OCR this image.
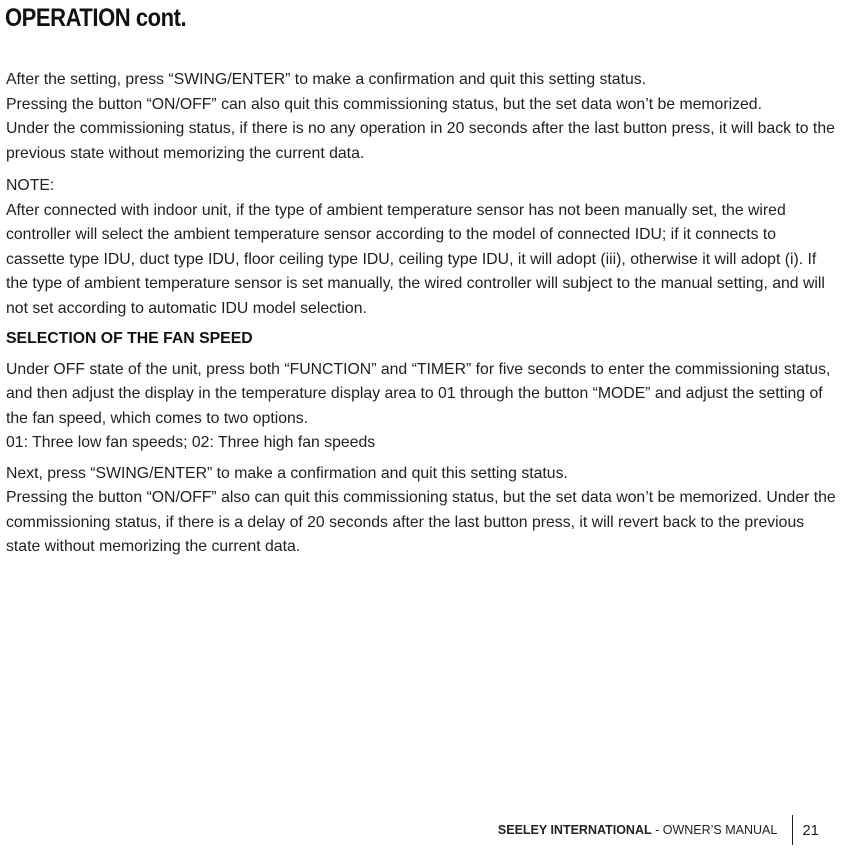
OPERATION cont.

After the setting, press “SWING/ENTER” to make a confirmation and quit this setting status.

Pressing the button “ON/OFF” can also quit this commissioning status, but the set data won’t be memorized.

Under the commissioning status, if there is no any operation in 20 seconds after the last button press, it will back to the previous state without memorizing the current data.

NOTE:

After connected with indoor unit, if the type of ambient temperature sensor has not been manually set, the wired controller will select the ambient temperature sensor according to the model of connected IDU; if it connects to cassette type IDU, duct type IDU, floor ceiling type IDU, ceiling type IDU, it will adopt (iii), otherwise it will adopt (i). If the type of ambient temperature sensor is set manually, the wired controller will subject to the manual setting, and will not set according to automatic IDU model selection.

SELECTION OF THE FAN SPEED

Under OFF state of the unit, press both “FUNCTION” and “TIMER” for five seconds to enter the commissioning status, and then adjust the display in the temperature display area to 01 through the button “MODE” and adjust the setting of the fan speed, which comes to two options.

01: Three low fan speeds; 02: Three high fan speeds

Next, press “SWING/ENTER” to make a confirmation and quit this setting status.

Pressing the button “ON/OFF” also can quit this commissioning status, but the set data won’t be memorized. Under the commissioning status, if there is a delay of 20 seconds after the last button press, it will revert back to the previous state without memorizing the current data.

SEELEY INTERNATIONAL - OWNER’S MANUAL 21
